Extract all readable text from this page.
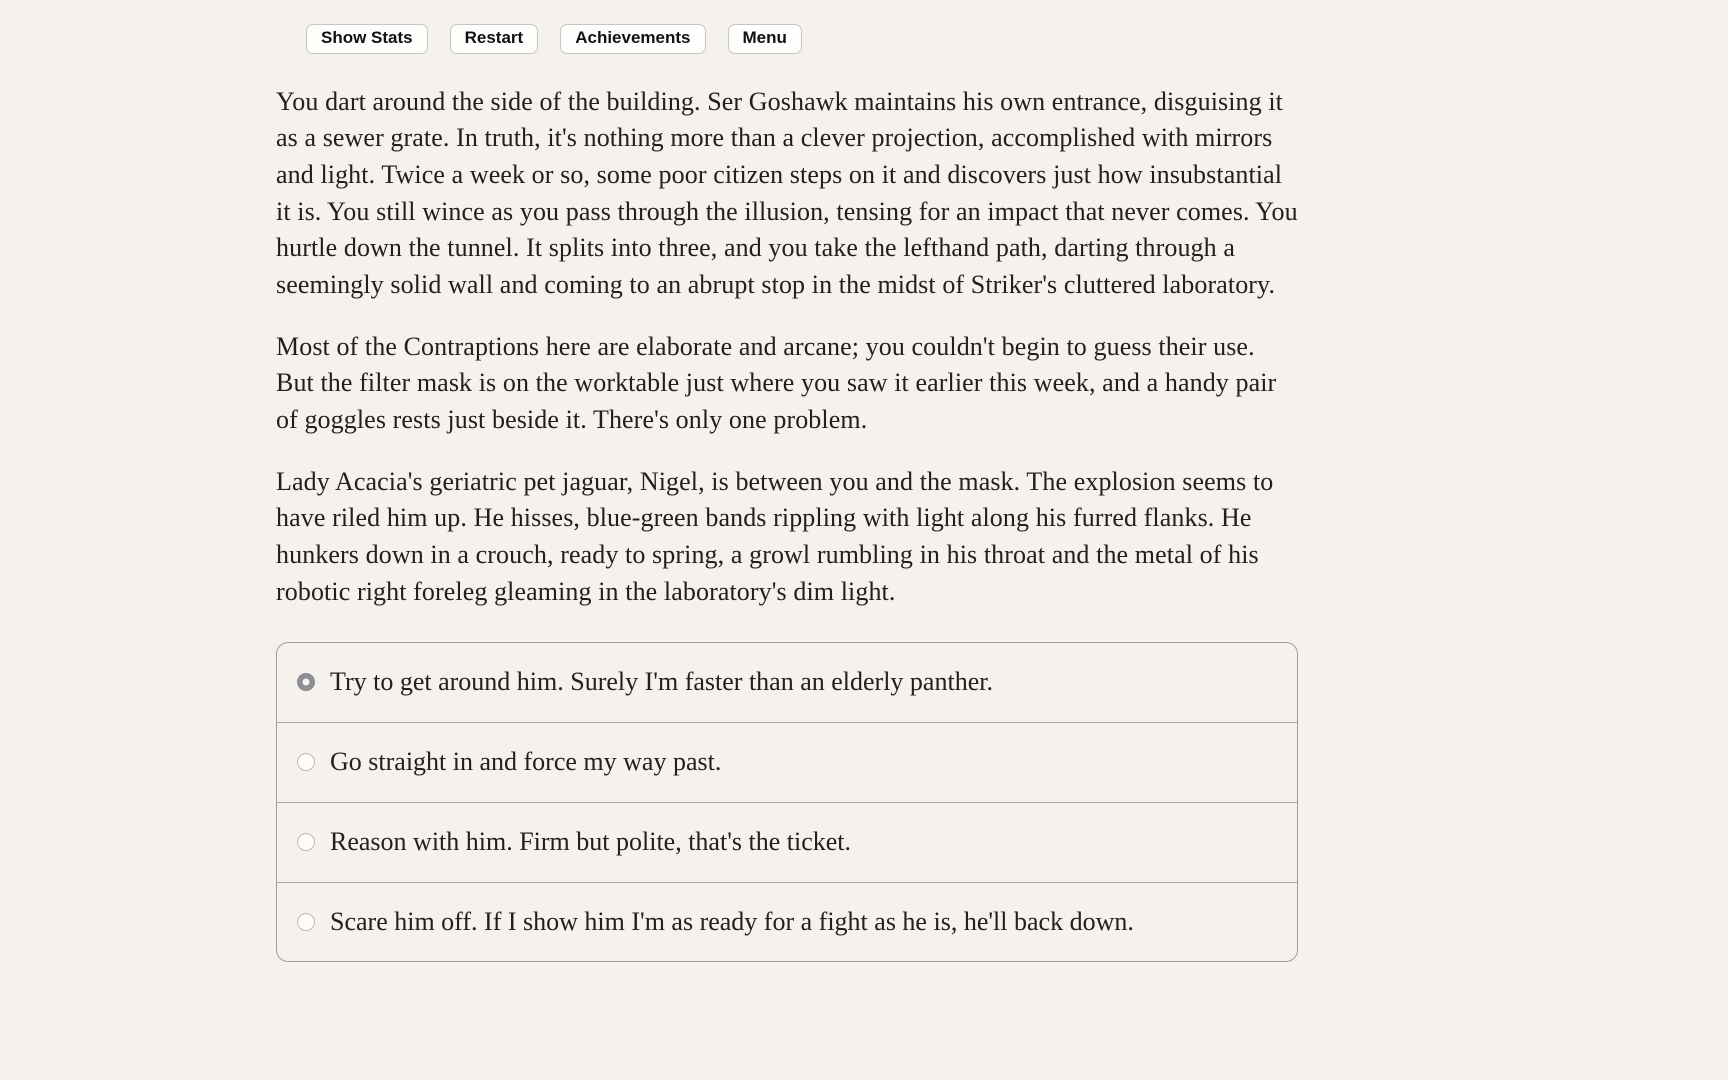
Show Stats	Restart	Achievements	Menu

You dart around the side of the building. Ser Goshawk maintains his own entrance, disguising it as a sewer grate. In truth, it's nothing more than a clever projection, accomplished with mirrors and light. Twice a week or so, some poor citizen steps on it and discovers just how insubstantial it is. You still wince as you pass through the illusion, tensing for an impact that never comes. You hurtle down the tunnel. It splits into three, and you take the lefthand path, darting through a seemingly solid wall and coming to an abrupt stop in the midst of Striker's cluttered laboratory.

Most of the Contraptions here are elaborate and arcane; you couldn't begin to guess their use. But the filter mask is on the worktable just where you saw it earlier this week, and a handy pair of goggles rests just beside it. There's only one problem.

Lady Acacia's geriatric pet jaguar, Nigel, is between you and the mask. The explosion seems to have riled him up. He hisses, blue-green bands rippling with light along his furred flanks. He hunkers down in a crouch, ready to spring, a growl rumbling in his throat and the metal of his robotic right foreleg gleaming in the laboratory's dim light.

Try to get around him. Surely I'm faster than an elderly panther.
Go straight in and force my way past.
Reason with him. Firm but polite, that's the ticket.
Scare him off. If I show him I'm as ready for a fight as he is, he'll back down.
